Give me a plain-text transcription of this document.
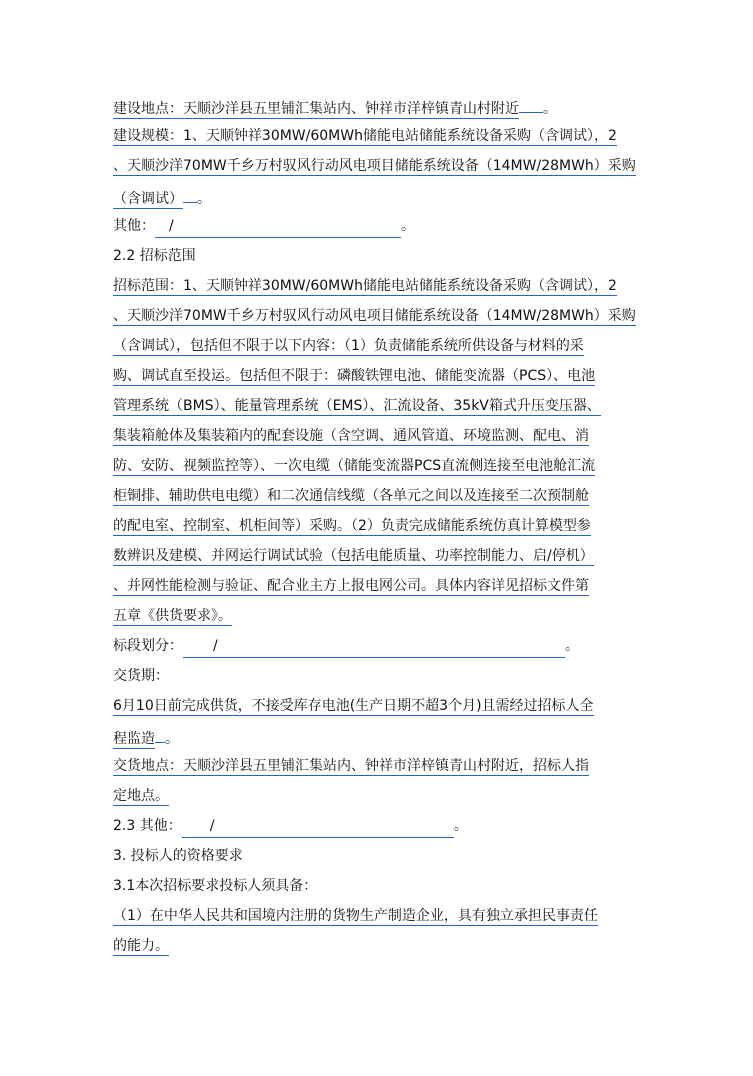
建设地点：天顺沙洋县五里铺汇集站内、钟祥市洋梓镇青山村附近 。
建设规模：1、天顺钟祥30MW/60MWh储能电站储能系统设备采购（含调试），2
、天顺沙洋70MW千乡万村驭风行动风电项目储能系统设备（14MW/28MWh）采购
（含调试） 。
其他： /	。
2.2 招标范围
招标范围：1、天顺钟祥30MW/60MWh储能电站储能系统设备采购（含调试），2
、天顺沙洋70MW千乡万村驭风行动风电项目储能系统设备（14MW/28MWh）采购
（含调试），包括但不限于以下内容：（1）负责储能系统所供设备与材料的采
购、调试直至投运。包括但不限于：磷酸铁锂电池、储能变流器（PCS）、电池
管理系统（BMS）、能量管理系统（EMS）、汇流设备、35kV箱式升压变压器、
集装箱舱体及集装箱内的配套设施（含空调、通风管道、环境监测、配电、消
防、安防、视频监控等）、一次电缆（储能变流器PCS直流侧连接至电池舱汇流
柜铜排、辅助供电电缆）和二次通信线缆（各单元之间以及连接至二次预制舱
的配电室、控制室、机柜间等）采购。（2）负责完成储能系统仿真计算模型参
数辨识及建模、并网运行调试试验（包括电能质量、功率控制能力、启/停机）
、并网性能检测与验证、配合业主方上报电网公司。具体内容详见招标文件第
五章《供货要求》。
标段划分： /	。
交货期：
6月10日前完成供货，不接受库存电池(生产日期不超3个月)且需经过招标人全
程监造 。
交货地点：天顺沙洋县五里铺汇集站内、钟祥市洋梓镇青山村附近，招标人指
定地点。
2.3 其他： /	。
3. 投标人的资格要求
3.1本次招标要求投标人须具备：
（1）在中华人民共和国境内注册的货物生产制造企业，具有独立承担民事责任
的能力。
